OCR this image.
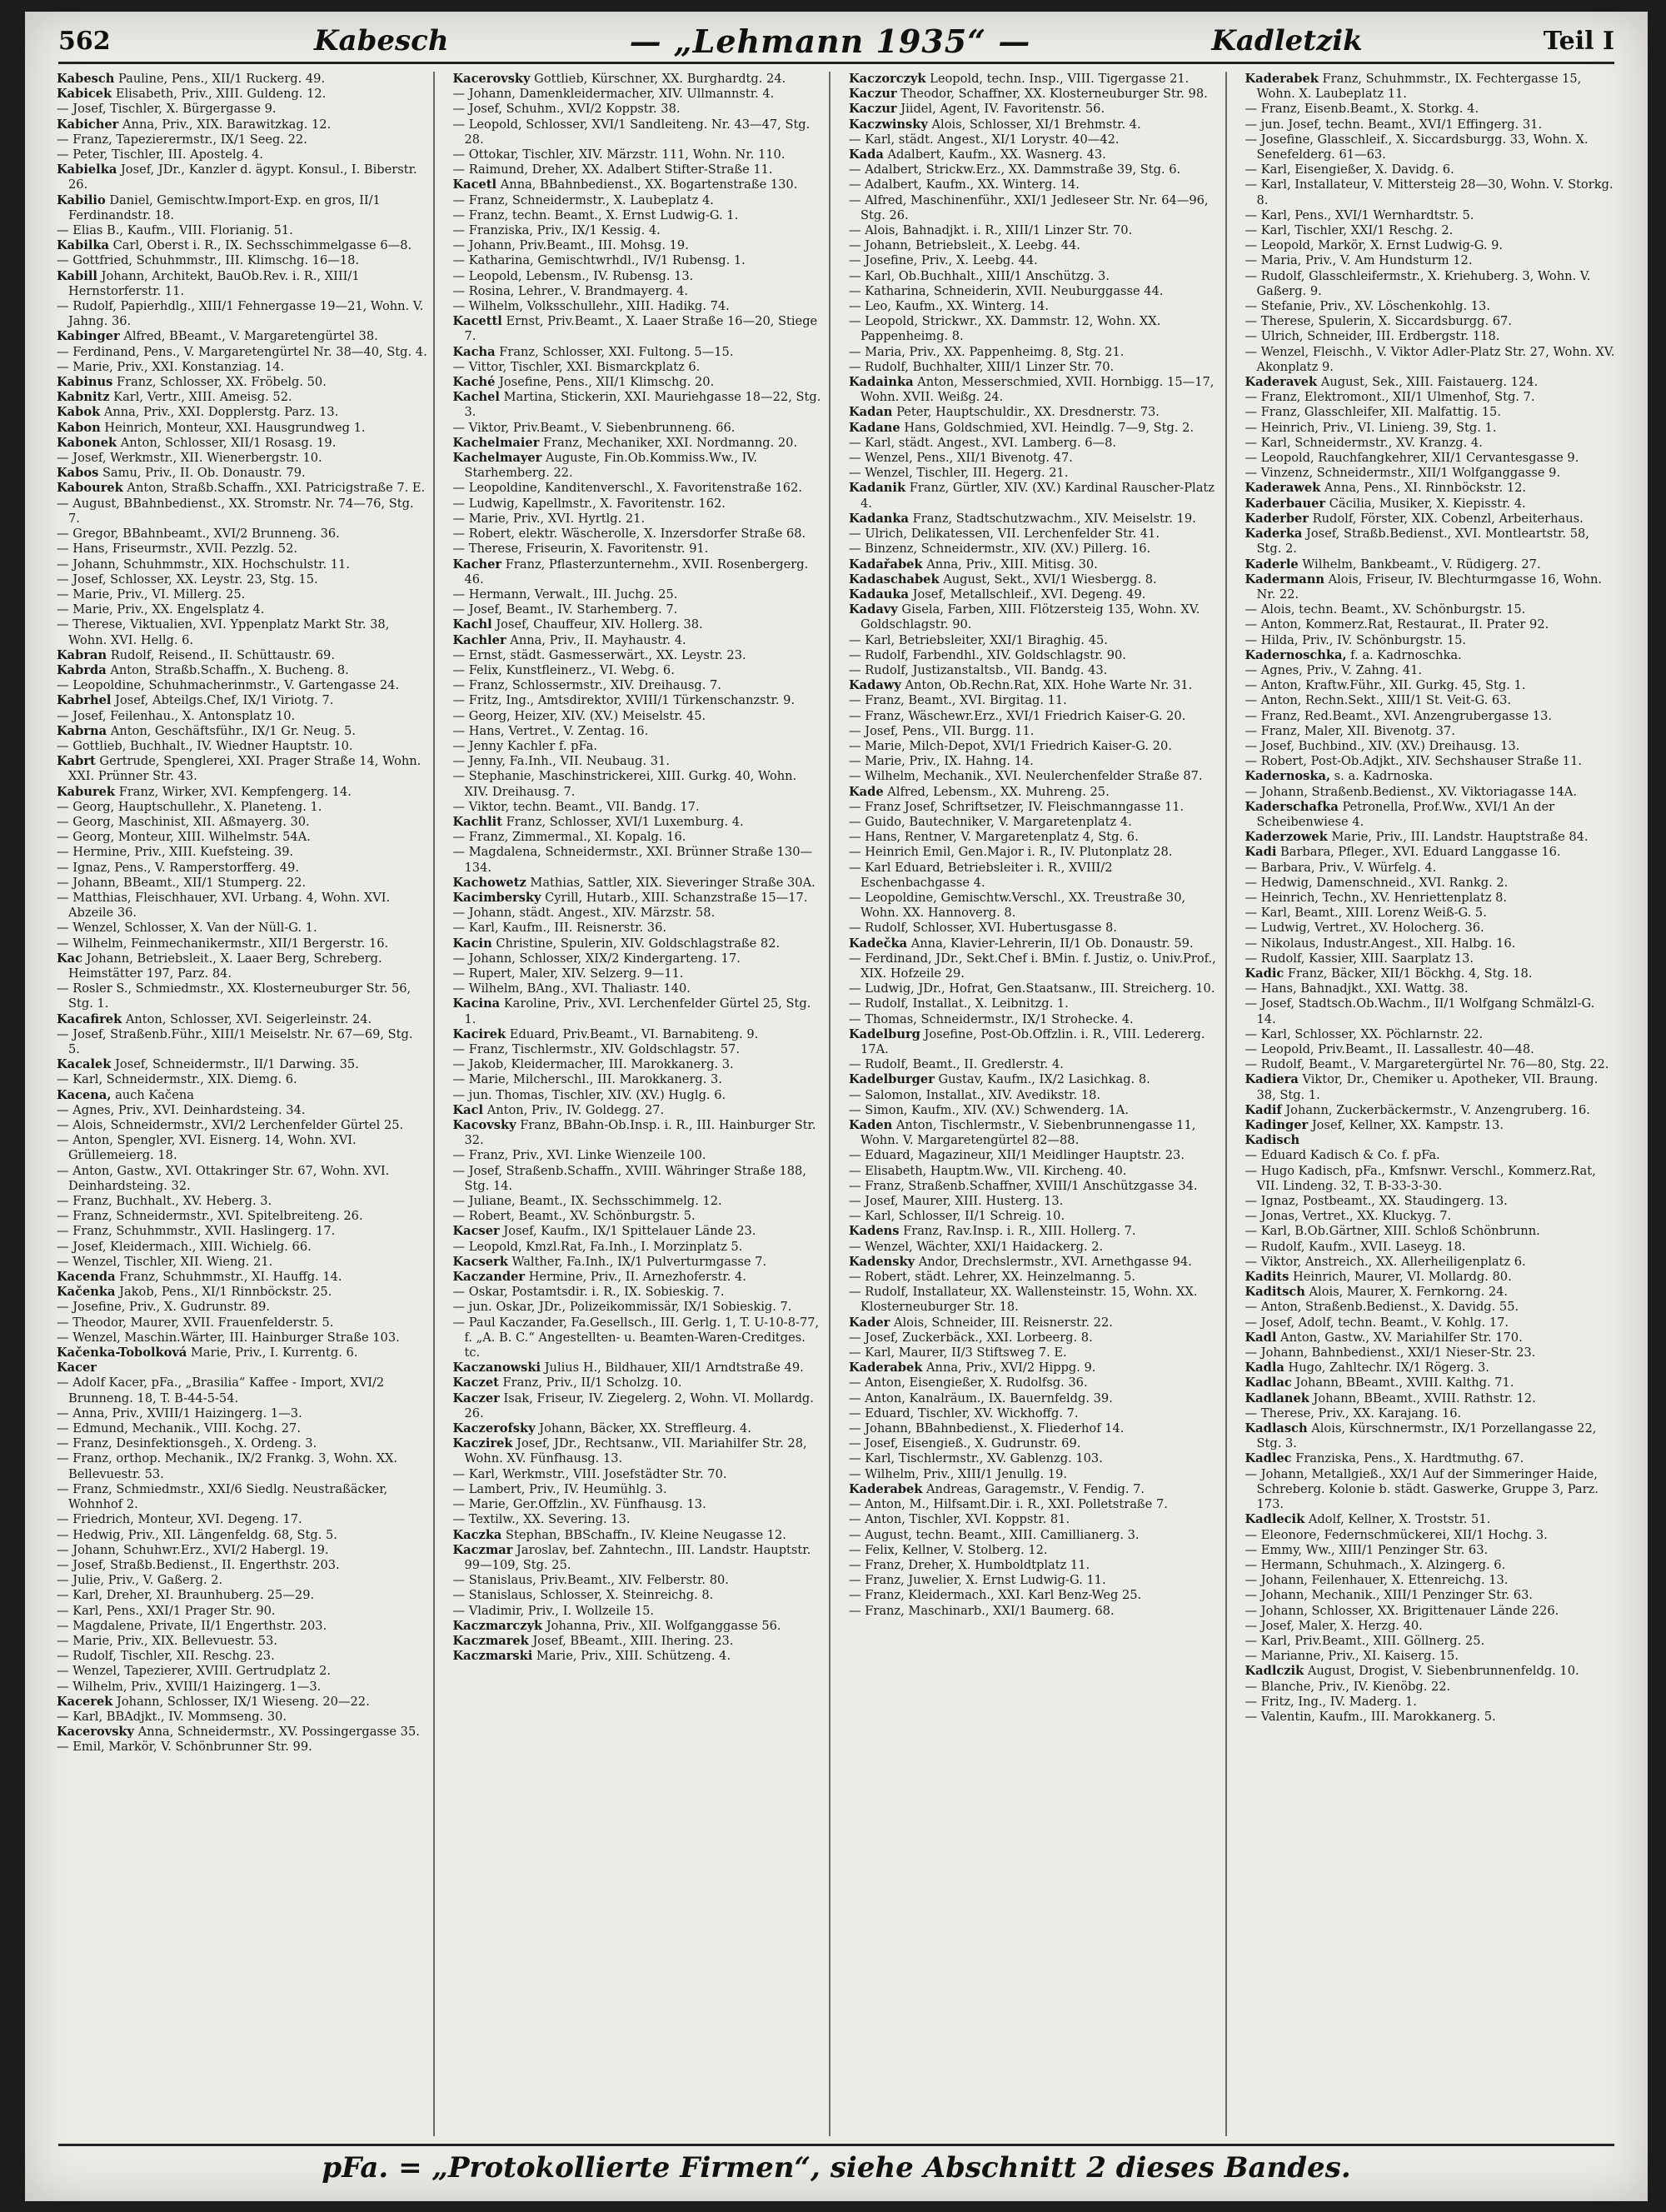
562	Kabesch	— „Lehmann 1935“ —	Kadletzik	Teil I

Kabesch Pauline, Pens., XII/1 Ruckerg. 49.

Kabicek Elisabeth, Priv., XIII. Guldeng. 12.

— Josef, Tischler, X. Bürgergasse 9.

Kabicher Anna, Priv., XIX. Barawitzkag. 12.

— Franz, Tapezierermstr., IX/1 Seeg. 22.

— Peter, Tischler, III. Apostelg. 4.

Kabielka Josef, JDr., Kanzler d. ägypt. Konsul., I. Biberstr. 26.

Kabilio Daniel, Gemischtw.Import-Exp. en gros, II/1 Ferdinandstr. 18.

— Elias B., Kaufm., VIII. Florianig. 51.

Kabilka Carl, Oberst i. R., IX. Sechsschimmelgasse 6—8.

— Gottfried, Schuhmmstr., III. Klimschg. 16—18.

Kabill Johann, Architekt, BauOb.Rev. i. R., XIII/1 Hernstorferstr. 11.

— Rudolf, Papierhdlg., XIII/1 Fehnergasse 19—21, Wohn. V. Jahng. 36.

Kabinger Alfred, BBeamt., V. Margaretengürtel 38.

— Ferdinand, Pens., V. Margaretengürtel Nr. 38—40, Stg. 4.

— Marie, Priv., XXI. Konstanziag. 14.

Kabinus Franz, Schlosser, XX. Fröbelg. 50.

Kabnitz Karl, Vertr., XIII. Ameisg. 52.

Kabok Anna, Priv., XXI. Dopplerstg. Parz. 13.

Kabon Heinrich, Monteur, XXI. Hausgrundweg 1.

Kabonek Anton, Schlosser, XII/1 Rosasg. 19.

— Josef, Werkmstr., XII. Wienerbergstr. 10.

Kabos Samu, Priv., II. Ob. Donaustr. 79.

Kabourek Anton, Straßb.Schaffn., XXI. Patricigstraße 7. E.

— August, BBahnbedienst., XX. Stromstr. Nr. 74—76, Stg. 7.

— Gregor, BBahnbeamt., XVI/2 Brunneng. 36.

— Hans, Friseurmstr., XVII. Pezzlg. 52.

— Johann, Schuhmmstr., XIX. Hochschulstr. 11.

— Josef, Schlosser, XX. Leystr. 23, Stg. 15.

— Marie, Priv., VI. Millerg. 25.

— Marie, Priv., XX. Engelsplatz 4.

— Therese, Viktualien, XVI. Yppenplatz Markt Str. 38, Wohn. XVI. Hellg. 6.

Kabran Rudolf, Reisend., II. Schüttaustr. 69.

Kabrda Anton, Straßb.Schaffn., X. Bucheng. 8.

— Leopoldine, Schuhmacherinmstr., V. Gartengasse 24.

Kabrhel Josef, Abteilgs.Chef, IX/1 Viriotg. 7.

— Josef, Feilenhau., X. Antonsplatz 10.

Kabrna Anton, Geschäftsführ., IX/1 Gr. Neug. 5.

— Gottlieb, Buchhalt., IV. Wiedner Hauptstr. 10.

Kabrt Gertrude, Spenglerei, XXI. Prager Straße 14, Wohn. XXI. Prünner Str. 43.

Kaburek Franz, Wirker, XVI. Kempfengerg. 14.

— Georg, Hauptschullehr., X. Planeteng. 1.

— Georg, Maschinist, XII. Aßmayerg. 30.

— Georg, Monteur, XIII. Wilhelmstr. 54A.

— Hermine, Priv., XIII. Kuefsteing. 39.

— Ignaz, Pens., V. Ramperstorfferg. 49.

— Johann, BBeamt., XII/1 Stumperg. 22.

— Matthias, Fleischhauer, XVI. Urbang. 4, Wohn. XVI. Abzeile 36.

— Wenzel, Schlosser, X. Van der Nüll-G. 1.

— Wilhelm, Feinmechanikermstr., XII/1 Bergerstr. 16.

Kac Johann, Betriebsleit., X. Laaer Berg, Schreberg. Heimstätter 197, Parz. 84.

— Rosler S., Schmiedmstr., XX. Klosterneuburger Str. 56, Stg. 1.

Kacafirek Anton, Schlosser, XVI. Seigerleinstr. 24.

— Josef, Straßenb.Führ., XIII/1 Meiselstr. Nr. 67—69, Stg. 5.

Kacalek Josef, Schneidermstr., II/1 Darwing. 35.

— Karl, Schneidermstr., XIX. Diemg. 6.

Kacena, auch Kačena

— Agnes, Priv., XVI. Deinhardsteing. 34.

— Alois, Schneidermstr., XVI/2 Lerchenfelder Gürtel 25.

— Anton, Spengler, XVI. Eisnerg. 14, Wohn. XVI. Grüllemeierg. 18.

— Anton, Gastw., XVI. Ottakringer Str. 67, Wohn. XVI. Deinhardsteing. 32.

— Franz, Buchhalt., XV. Heberg. 3.

— Franz, Schneidermstr., XVI. Spitelbreiteng. 26.

— Franz, Schuhmmstr., XVII. Haslingerg. 17.

— Josef, Kleidermach., XIII. Wichielg. 66.

— Wenzel, Tischler, XII. Wieng. 21.

Kacenda Franz, Schuhmmstr., XI. Hauffg. 14.

Kačenka Jakob, Pens., XI/1 Rinnböckstr. 25.

— Josefine, Priv., X. Gudrunstr. 89.

— Theodor, Maurer, XVII. Frauenfelderstr. 5.

— Wenzel, Maschin.Wärter, III. Hainburger Straße 103.

Kačenka-Tobolková Marie, Priv., I. Kurrentg. 6.

Kacer

— Adolf Kacer, pFa., „Brasilia“ Kaffee - Import, XVI/2 Brunneng. 18, T. B-44-5-54.

— Anna, Priv., XVIII/1 Haizingerg. 1—3.

— Edmund, Mechanik., VIII. Kochg. 27.

— Franz, Desinfektionsgeh., X. Ordeng. 3.

— Franz, orthop. Mechanik., IX/2 Frankg. 3, Wohn. XX. Bellevuestr. 53.

— Franz, Schmiedmstr., XXI/6 Siedlg. Neustraßäcker, Wohnhof 2.

— Friedrich, Monteur, XVI. Degeng. 17.

— Hedwig, Priv., XII. Längenfeldg. 68, Stg. 5.

— Johann, Schuhwr.Erz., XVI/2 Habergl. 19.

— Josef, Straßb.Bedienst., II. Engerthstr. 203.

— Julie, Priv., V. Gaßerg. 2.

— Karl, Dreher, XI. Braunhuberg. 25—29.

— Karl, Pens., XXI/1 Prager Str. 90.

— Magdalene, Private, II/1 Engerthstr. 203.

— Marie, Priv., XIX. Bellevuestr. 53.

— Rudolf, Tischler, XII. Reschg. 23.

— Wenzel, Tapezierer, XVIII. Gertrudplatz 2.

— Wilhelm, Priv., XVIII/1 Haizingerg. 1—3.

Kacerek Johann, Schlosser, IX/1 Wieseng. 20—22.

— Karl, BBAdjkt., IV. Mommseng. 30.

Kacerovsky Anna, Schneidermstr., XV. Possingergasse 35.

— Emil, Markör, V. Schönbrunner Str. 99.

Kacerovsky Gottlieb, Kürschner, XX. Burghardtg. 24.

— Johann, Damenkleidermacher, XIV. Ullmannstr. 4.

— Josef, Schuhm., XVI/2 Koppstr. 38.

— Leopold, Schlosser, XVI/1 Sandleiteng. Nr. 43—47, Stg. 28.

— Ottokar, Tischler, XIV. Märzstr. 111, Wohn. Nr. 110.

— Raimund, Dreher, XX. Adalbert Stifter-Straße 11.

Kacetl Anna, BBahnbedienst., XX. Bogartenstraße 130.

— Franz, Schneidermstr., X. Laubeplatz 4.

— Franz, techn. Beamt., X. Ernst Ludwig-G. 1.

— Franziska, Priv., IX/1 Kessig. 4.

— Johann, Priv.Beamt., III. Mohsg. 19.

— Katharina, Gemischtwrhdl., IV/1 Rubensg. 1.

— Leopold, Lebensm., IV. Rubensg. 13.

— Rosina, Lehrer., V. Brandmayerg. 4.

— Wilhelm, Volksschullehr., XIII. Hadikg. 74.

Kacettl Ernst, Priv.Beamt., X. Laaer Straße 16—20, Stiege 7.

Kacha Franz, Schlosser, XXI. Fultong. 5—15.

— Vittor, Tischler, XXI. Bismarckplatz 6.

Kaché Josefine, Pens., XII/1 Klimschg. 20.

Kachel Martina, Stickerin, XXI. Mauriehgasse 18—22, Stg. 3.

— Viktor, Priv.Beamt., V. Siebenbrunneng. 66.

Kachelmaier Franz, Mechaniker, XXI. Nordmanng. 20.

Kachelmayer Auguste, Fin.Ob.Kommiss.Ww., IV. Starhemberg. 22.

— Leopoldine, Kanditenverschl., X. Favoritenstraße 162.

— Ludwig, Kapellmstr., X. Favoritenstr. 162.

— Marie, Priv., XVI. Hyrtlg. 21.

— Robert, elektr. Wäscherolle, X. Inzersdorfer Straße 68.

— Therese, Friseurin, X. Favoritenstr. 91.

Kacher Franz, Pflasterzunternehm., XVII. Rosenbergerg. 46.

— Hermann, Verwalt., III. Juchg. 25.

— Josef, Beamt., IV. Starhemberg. 7.

Kachl Josef, Chauffeur, XIV. Hollerg. 38.

Kachler Anna, Priv., II. Mayhaustr. 4.

— Ernst, städt. Gasmesserwärt., XX. Leystr. 23.

— Felix, Kunstfleinerz., VI. Webg. 6.

— Franz, Schlossermstr., XIV. Dreihausg. 7.

— Fritz, Ing., Amtsdirektor, XVIII/1 Türkenschanzstr. 9.

— Georg, Heizer, XIV. (XV.) Meiselstr. 45.

— Hans, Vertret., V. Zentag. 16.

— Jenny Kachler f. pFa.

— Jenny, Fa.Inh., VII. Neubaug. 31.

— Stephanie, Maschinstrickerei, XIII. Gurkg. 40, Wohn. XIV. Dreihausg. 7.

— Viktor, techn. Beamt., VII. Bandg. 17.

Kachlit Franz, Schlosser, XVI/1 Luxemburg. 4.

— Franz, Zimmermal., XI. Kopalg. 16.

— Magdalena, Schneidermstr., XXI. Brünner Straße 130—134.

Kachowetz Mathias, Sattler, XIX. Sieveringer Straße 30A.

Kacimbersky Cyrill, Hutarb., XIII. Schanzstraße 15—17.

— Johann, städt. Angest., XIV. Märzstr. 58.

— Karl, Kaufm., III. Reisnerstr. 36.

Kacin Christine, Spulerin, XIV. Goldschlagstraße 82.

— Johann, Schlosser, XIX/2 Kindergarteng. 17.

— Rupert, Maler, XIV. Selzerg. 9—11.

— Wilhelm, BAng., XVI. Thaliastr. 140.

Kacina Karoline, Priv., XVI. Lerchenfelder Gürtel 25, Stg. 1.

Kacirek Eduard, Priv.Beamt., VI. Barnabiteng. 9.

— Franz, Tischlermstr., XIV. Goldschlagstr. 57.

— Jakob, Kleidermacher, III. Marokkanerg. 3.

— Marie, Milcherschl., III. Marokkanerg. 3.

— jun. Thomas, Tischler, XIV. (XV.) Huglg. 6.

Kacl Anton, Priv., IV. Goldegg. 27.

Kacovsky Franz, BBahn-Ob.Insp. i. R., III. Hainburger Str. 32.

— Franz, Priv., XVI. Linke Wienzeile 100.

— Josef, Straßenb.Schaffn., XVIII. Währinger Straße 188, Stg. 14.

— Juliane, Beamt., IX. Sechsschimmelg. 12.

— Robert, Beamt., XV. Schönburgstr. 5.

Kacser Josef, Kaufm., IX/1 Spittelauer Lände 23.

— Leopold, Kmzl.Rat, Fa.Inh., I. Morzinplatz 5.

Kacserk Walther, Fa.Inh., IX/1 Pulverturmgasse 7.

Kaczander Hermine, Priv., II. Arnezhoferstr. 4.

— Oskar, Postamtsdir. i. R., IX. Sobieskig. 7.

— jun. Oskar, JDr., Polizeikommissär, IX/1 Sobieskig. 7.

— Paul Kaczander, Fa.Gesellsch., III. Gerlg. 1, T. U-10-8-77, f. „A. B. C.“ Angestellten- u. Beamten-Waren-Creditges. tc.

Kaczanowski Julius H., Bildhauer, XII/1 Arndtstraße 49.

Kaczet Franz, Priv., II/1 Scholzg. 10.

Kaczer Isak, Friseur, IV. Ziegelerg. 2, Wohn. VI. Mollardg. 26.

Kaczerofsky Johann, Bäcker, XX. Streffleurg. 4.

Kaczirek Josef, JDr., Rechtsanw., VII. Mariahilfer Str. 28, Wohn. XV. Fünfhausg. 13.

— Karl, Werkmstr., VIII. Josefstädter Str. 70.

— Lambert, Priv., IV. Heumühlg. 3.

— Marie, Ger.Offzlin., XV. Fünfhausg. 13.

— Textilw., XX. Severing. 13.

Kaczka Stephan, BBSchaffn., IV. Kleine Neugasse 12.

Kaczmar Jaroslav, bef. Zahntechn., III. Landstr. Hauptstr. 99—109, Stg. 25.

— Stanislaus, Priv.Beamt., XIV. Felberstr. 80.

— Stanislaus, Schlosser, X. Steinreichg. 8.

— Vladimir, Priv., I. Wollzeile 15.

Kaczmarczyk Johanna, Priv., XII. Wolfganggasse 56.

Kaczmarek Josef, BBeamt., XIII. Ihering. 23.

Kaczmarski Marie, Priv., XIII. Schützeng. 4.

Kaczorczyk Leopold, techn. Insp., VIII. Tigergasse 21.

Kaczur Theodor, Schaffner, XX. Klosterneuburger Str. 98.

Kaczur Jiidel, Agent, IV. Favoritenstr. 56.

Kaczwinsky Alois, Schlosser, XI/1 Brehmstr. 4.

— Karl, städt. Angest., XI/1 Lorystr. 40—42.

Kada Adalbert, Kaufm., XX. Wasnerg. 43.

— Adalbert, Strickw.Erz., XX. Dammstraße 39, Stg. 6.

— Adalbert, Kaufm., XX. Winterg. 14.

— Alfred, Maschinenführ., XXI/1 Jedleseer Str. Nr. 64—96, Stg. 26.

— Alois, Bahnadjkt. i. R., XIII/1 Linzer Str. 70.

— Johann, Betriebsleit., X. Leebg. 44.

— Josefine, Priv., X. Leebg. 44.

— Karl, Ob.Buchhalt., XIII/1 Anschützg. 3.

— Katharina, Schneiderin, XVII. Neuburggasse 44.

— Leo, Kaufm., XX. Winterg. 14.

— Leopold, Strickwr., XX. Dammstr. 12, Wohn. XX. Pappenheimg. 8.

— Maria, Priv., XX. Pappenheimg. 8, Stg. 21.

— Rudolf, Buchhalter, XIII/1 Linzer Str. 70.

Kadainka Anton, Messerschmied, XVII. Hornbigg. 15—17, Wohn. XVII. Weißg. 24.

Kadan Peter, Hauptschuldir., XX. Dresdnerstr. 73.

Kadane Hans, Goldschmied, XVI. Heindlg. 7—9, Stg. 2.

— Karl, städt. Angest., XVI. Lamberg. 6—8.

— Wenzel, Pens., XII/1 Bivenotg. 47.

— Wenzel, Tischler, III. Hegerg. 21.

Kadanik Franz, Gürtler, XIV. (XV.) Kardinal Rauscher-Platz 4.

Kadanka Franz, Stadtschutzwachm., XIV. Meiselstr. 19.

— Ulrich, Delikatessen, VII. Lerchenfelder Str. 41.

— Binzenz, Schneidermstr., XIV. (XV.) Pillerg. 16.

Kadařabek Anna, Priv., XIII. Mitisg. 30.

Kadaschabek August, Sekt., XVI/1 Wiesbergg. 8.

Kadauka Josef, Metallschleif., XVI. Degeng. 49.

Kadavy Gisela, Farben, XIII. Flötzersteig 135, Wohn. XV. Goldschlagstr. 90.

— Karl, Betriebsleiter, XXI/1 Biraghig. 45.

— Rudolf, Farbendhl., XIV. Goldschlagstr. 90.

— Rudolf, Justizanstaltsb., VII. Bandg. 43.

Kadawy Anton, Ob.Rechn.Rat, XIX. Hohe Warte Nr. 31.

— Franz, Beamt., XVI. Birgitag. 11.

— Franz, Wäschewr.Erz., XVI/1 Friedrich Kaiser-G. 20.

— Josef, Pens., VII. Burgg. 11.

— Marie, Milch-Depot, XVI/1 Friedrich Kaiser-G. 20.

— Marie, Priv., IX. Hahng. 14.

— Wilhelm, Mechanik., XVI. Neulerchenfelder Straße 87.

Kade Alfred, Lebensm., XX. Muhreng. 25.

— Franz Josef, Schriftsetzer, IV. Fleischmanngasse 11.

— Guido, Bautechniker, V. Margaretenplatz 4.

— Hans, Rentner, V. Margaretenplatz 4, Stg. 6.

— Heinrich Emil, Gen.Major i. R., IV. Plutonplatz 28.

— Karl Eduard, Betriebsleiter i. R., XVIII/2 Eschenbachgasse 4.

— Leopoldine, Gemischtw.Verschl., XX. Treustraße 30, Wohn. XX. Hannoverg. 8.

— Rudolf, Schlosser, XVI. Hubertusgasse 8.

Kadečka Anna, Klavier-Lehrerin, II/1 Ob. Donaustr. 59.

— Ferdinand, JDr., Sekt.Chef i. BMin. f. Justiz, o. Univ.Prof., XIX. Hofzeile 29.

— Ludwig, JDr., Hofrat, Gen.Staatsanw., III. Streicherg. 10.

— Rudolf, Installat., X. Leibnitzg. 1.

— Thomas, Schneidermstr., IX/1 Strohecke. 4.

Kadelburg Josefine, Post-Ob.Offzlin. i. R., VIII. Ledererg. 17A.

— Rudolf, Beamt., II. Gredlerstr. 4.

Kadelburger Gustav, Kaufm., IX/2 Lasichkag. 8.

— Salomon, Installat., XIV. Avedikstr. 18.

— Simon, Kaufm., XIV. (XV.) Schwenderg. 1A.

Kaden Anton, Tischlermstr., V. Siebenbrunnengasse 11, Wohn. V. Margaretengürtel 82—88.

— Eduard, Magazineur, XII/1 Meidlinger Hauptstr. 23.

— Elisabeth, Hauptm.Ww., VII. Kircheng. 40.

— Franz, Straßenb.Schaffner, XVIII/1 Anschützgasse 34.

— Josef, Maurer, XIII. Husterg. 13.

— Karl, Schlosser, II/1 Schreig. 10.

Kadens Franz, Rav.Insp. i. R., XIII. Hollerg. 7.

— Wenzel, Wächter, XXI/1 Haidackerg. 2.

Kadensky Andor, Drechslermstr., XVI. Arnethgasse 94.

— Robert, städt. Lehrer, XX. Heinzelmanng. 5.

— Rudolf, Installateur, XX. Wallensteinstr. 15, Wohn. XX. Klosterneuburger Str. 18.

Kader Alois, Schneider, III. Reisnerstr. 22.

— Josef, Zuckerbäck., XXI. Lorbeerg. 8.

— Karl, Maurer, II/3 Stiftsweg 7. E.

Kaderabek Anna, Priv., XVI/2 Hippg. 9.

— Anton, Eisengießer, X. Rudolfsg. 36.

— Anton, Kanalräum., IX. Bauernfeldg. 39.

— Eduard, Tischler, XV. Wickhoffg. 7.

— Johann, BBahnbedienst., X. Fliederhof 14.

— Josef, Eisengieß., X. Gudrunstr. 69.

— Karl, Tischlermstr., XV. Gablenzg. 103.

— Wilhelm, Priv., XIII/1 Jenullg. 19.

Kaderabek Andreas, Garagemstr., V. Fendig. 7.

— Anton, M., Hilfsamt.Dir. i. R., XXI. Polletstraße 7.

— Anton, Tischler, XVI. Koppstr. 81.

— August, techn. Beamt., XIII. Camillianerg. 3.

— Felix, Kellner, V. Stolberg. 12.

— Franz, Dreher, X. Humboldtplatz 11.

— Franz, Juwelier, X. Ernst Ludwig-G. 11.

— Franz, Kleidermach., XXI. Karl Benz-Weg 25.

— Franz, Maschinarb., XXI/1 Baumerg. 68.

Kaderabek Franz, Schuhmmstr., IX. Fechtergasse 15, Wohn. X. Laubeplatz 11.

— Franz, Eisenb.Beamt., X. Storkg. 4.

— jun. Josef, techn. Beamt., XVI/1 Effingerg. 31.

— Josefine, Glasschleif., X. Siccardsburgg. 33, Wohn. X. Senefelderg. 61—63.

— Karl, Eisengießer, X. Davidg. 6.

— Karl, Installateur, V. Mittersteig 28—30, Wohn. V. Storkg. 8.

— Karl, Pens., XVI/1 Wernhardtstr. 5.

— Karl, Tischler, XXI/1 Reschg. 2.

— Leopold, Markör, X. Ernst Ludwig-G. 9.

— Maria, Priv., V. Am Hundsturm 12.

— Rudolf, Glasschleifermstr., X. Kriehuberg. 3, Wohn. V. Gaßerg. 9.

— Stefanie, Priv., XV. Löschenkohlg. 13.

— Therese, Spulerin, X. Siccardsburgg. 67.

— Ulrich, Schneider, III. Erdbergstr. 118.

— Wenzel, Fleischh., V. Viktor Adler-Platz Str. 27, Wohn. XV. Akonplatz 9.

Kaderavek August, Sek., XIII. Faistauerg. 124.

— Franz, Elektromont., XII/1 Ulmenhof, Stg. 7.

— Franz, Glasschleifer, XII. Malfattig. 15.

— Heinrich, Priv., VI. Linieng. 39, Stg. 1.

— Karl, Schneidermstr., XV. Kranzg. 4.

— Leopold, Rauchfangkehrer, XII/1 Cervantesgasse 9.

— Vinzenz, Schneidermstr., XII/1 Wolfganggasse 9.

Kaderawek Anna, Pens., XI. Rinnböckstr. 12.

Kaderbauer Cäcilia, Musiker, X. Kiepisstr. 4.

Kaderber Rudolf, Förster, XIX. Cobenzl, Arbeiterhaus.

Kaderka Josef, Straßb.Bedienst., XVI. Montleartstr. 58, Stg. 2.

Kaderle Wilhelm, Bankbeamt., V. Rüdigerg. 27.

Kadermann Alois, Friseur, IV. Blechturmgasse 16, Wohn. Nr. 22.

— Alois, techn. Beamt., XV. Schönburgstr. 15.

— Anton, Kommerz.Rat, Restaurat., II. Prater 92.

— Hilda, Priv., IV. Schönburgstr. 15.

Kadernoschka, f. a. Kadrnoschka.

— Agnes, Priv., V. Zahng. 41.

— Anton, Kraftw.Führ., XII. Gurkg. 45, Stg. 1.

— Anton, Rechn.Sekt., XIII/1 St. Veit-G. 63.

— Franz, Red.Beamt., XVI. Anzengrubergasse 13.

— Franz, Maler, XII. Bivenotg. 37.

— Josef, Buchbind., XIV. (XV.) Dreihausg. 13.

— Robert, Post-Ob.Adjkt., XIV. Sechshauser Straße 11.

Kadernoska, s. a. Kadrnoska.

— Johann, Straßenb.Bedienst., XV. Viktoriagasse 14A.

Kaderschafka Petronella, Prof.Ww., XVI/1 An der Scheibenwiese 4.

Kaderzowek Marie, Priv., III. Landstr. Hauptstraße 84.

Kadi Barbara, Pfleger., XVI. Eduard Langgasse 16.

— Barbara, Priv., V. Würfelg. 4.

— Hedwig, Damenschneid., XVI. Rankg. 2.

— Heinrich, Techn., XV. Henriettenplatz 8.

— Karl, Beamt., XIII. Lorenz Weiß-G. 5.

— Ludwig, Vertret., XV. Holocherg. 36.

— Nikolaus, Industr.Angest., XII. Halbg. 16.

— Rudolf, Kassier, XIII. Saarplatz 13.

Kadic Franz, Bäcker, XII/1 Böckhg. 4, Stg. 18.

— Hans, Bahnadjkt., XXI. Wattg. 38.

— Josef, Stadtsch.Ob.Wachm., II/1 Wolfgang Schmälzl-G. 14.

— Karl, Schlosser, XX. Pöchlarnstr. 22.

— Leopold, Priv.Beamt., II. Lassallestr. 40—48.

— Rudolf, Beamt., V. Margaretergürtel Nr. 76—80, Stg. 22.

Kadiera Viktor, Dr., Chemiker u. Apotheker, VII. Braung. 38, Stg. 1.

Kadif Johann, Zuckerbäckermstr., V. Anzengruberg. 16.

Kadinger Josef, Kellner, XX. Kampstr. 13.

Kadisch

— Eduard Kadisch & Co. f. pFa.

— Hugo Kadisch, pFa., Kmfsnwr. Verschl., Kommerz.Rat, VII. Lindeng. 32, T. B-33-3-30.

— Ignaz, Postbeamt., XX. Staudingerg. 13.

— Jonas, Vertret., XX. Kluckyg. 7.

— Karl, B.Ob.Gärtner, XIII. Schloß Schönbrunn.

— Rudolf, Kaufm., XVII. Laseyg. 18.

— Viktor, Anstreich., XX. Allerheiligenplatz 6.

Kadits Heinrich, Maurer, VI. Mollardg. 80.

Kaditsch Alois, Maurer, X. Fernkorng. 24.

— Anton, Straßenb.Bedienst., X. Davidg. 55.

— Josef, Adolf, techn. Beamt., V. Kohlg. 17.

Kadl Anton, Gastw., XV. Mariahilfer Str. 170.

— Johann, Bahnbedienst., XXI/1 Nieser-Str. 23.

Kadla Hugo, Zahltechr. IX/1 Rögerg. 3.

Kadlac Johann, BBeamt., XVIII. Kalthg. 71.

Kadlanek Johann, BBeamt., XVIII. Rathstr. 12.

— Therese, Priv., XX. Karajang. 16.

Kadlasch Alois, Kürschnermstr., IX/1 Porzellangasse 22, Stg. 3.

Kadlec Franziska, Pens., X. Hardtmuthg. 67.

— Johann, Metallgieß., XX/1 Auf der Simmeringer Haide, Schreberg. Kolonie b. städt. Gaswerke, Gruppe 3, Parz. 173.

Kadlecik Adolf, Kellner, X. Troststr. 51.

— Eleonore, Federnschmückerei, XII/1 Hochg. 3.

— Emmy, Ww., XIII/1 Penzinger Str. 63.

— Hermann, Schuhmach., X. Alzingerg. 6.

— Johann, Feilenhauer, X. Ettenreichg. 13.

— Johann, Mechanik., XIII/1 Penzinger Str. 63.

— Johann, Schlosser, XX. Brigittenauer Lände 226.

— Josef, Maler, X. Herzg. 40.

— Karl, Priv.Beamt., XIII. Göllnerg. 25.

— Marianne, Priv., XI. Kaiserg. 15.

Kadlczik August, Drogist, V. Siebenbrunnenfeldg. 10.

— Blanche, Priv., IV. Kienöbg. 22.

— Fritz, Ing., IV. Maderg. 1.

— Valentin, Kaufm., III. Marokkanerg. 5.

pFa. = „Protokollierte Firmen“, siehe Abschnitt 2 dieses Bandes.
